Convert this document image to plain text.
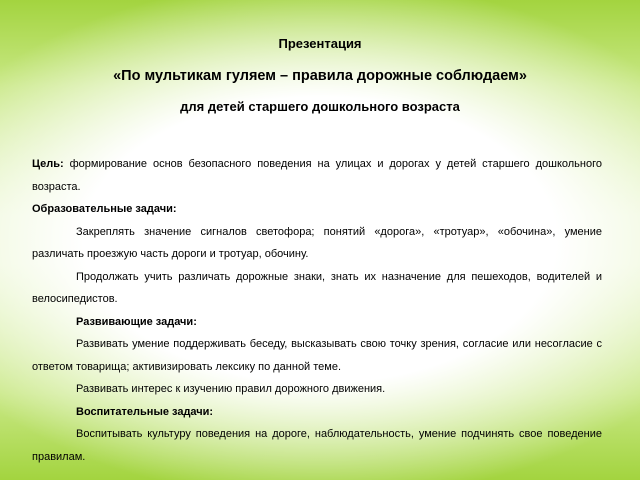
Презентация
«По мультикам гуляем – правила дорожные соблюдаем»
для детей старшего дошкольного возраста

Цель: формирование основ безопасного поведения на улицах и дорогах у детей старшего дошкольного возраста.

Образовательные задачи:

Закреплять значение сигналов светофора; понятий «дорога», «тротуар», «обочина», умение различать проезжую часть дороги и тротуар, обочину.

Продолжать учить различать дорожные знаки, знать их назначение для пешеходов, водителей и велосипедистов.

Развивающие задачи:

Развивать умение поддерживать беседу, высказывать свою точку зрения, согласие или несогласие с ответом товарища; активизировать лексику по данной теме.

Развивать интерес к изучению правил дорожного движения.

Воспитательные задачи:

Воспитывать культуру поведения на дороге, наблюдательность, умение подчинять свое поведение правилам.
